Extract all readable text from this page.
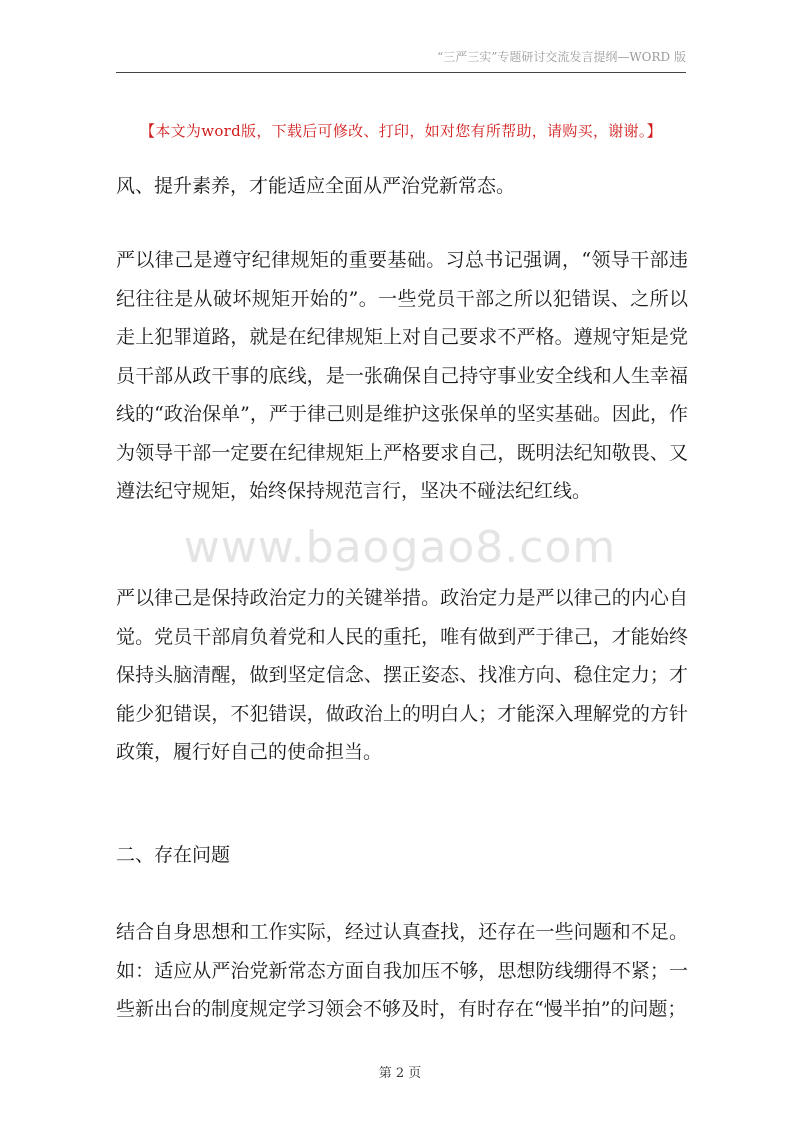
“三严三实”专题研讨交流发言提纲—WORD 版
【本文为word版，下载后可修改、打印，如对您有所帮助，请购买，谢谢。】
风、提升素养，才能适应全面从严治党新常态。
严以律己是遵守纪律规矩的重要基础。习总书记强调，“领导干部违纪往往是从破坏规矩开始的”。一些党员干部之所以犯错误、之所以走上犯罪道路，就是在纪律规矩上对自己要求不严格。遵规守矩是党员干部从政干事的底线，是一张确保自己持守事业安全线和人生幸福线的“政治保单”，严于律己则是维护这张保单的坚实基础。因此，作为领导干部一定要在纪律规矩上严格要求自己，既明法纪知敬畏、又遵法纪守规矩，始终保持规范言行，坚决不碰法纪红线。
www.baogao8.com
严以律己是保持政治定力的关键举措。政治定力是严以律己的内心自觉。党员干部肩负着党和人民的重托，唯有做到严于律己，才能始终保持头脑清醒，做到坚定信念、摆正姿态、找准方向、稳住定力；才能少犯错误，不犯错误，做政治上的明白人；才能深入理解党的方针政策，履行好自己的使命担当。
二、存在问题
结合自身思想和工作实际，经过认真查找，还存在一些问题和不足。如：适应从严治党新常态方面自我加压不够，思想防线绷得不紧；一些新出台的制度规定学习领会不够及时，有时存在“慢半拍”的问题；
第 2 页
